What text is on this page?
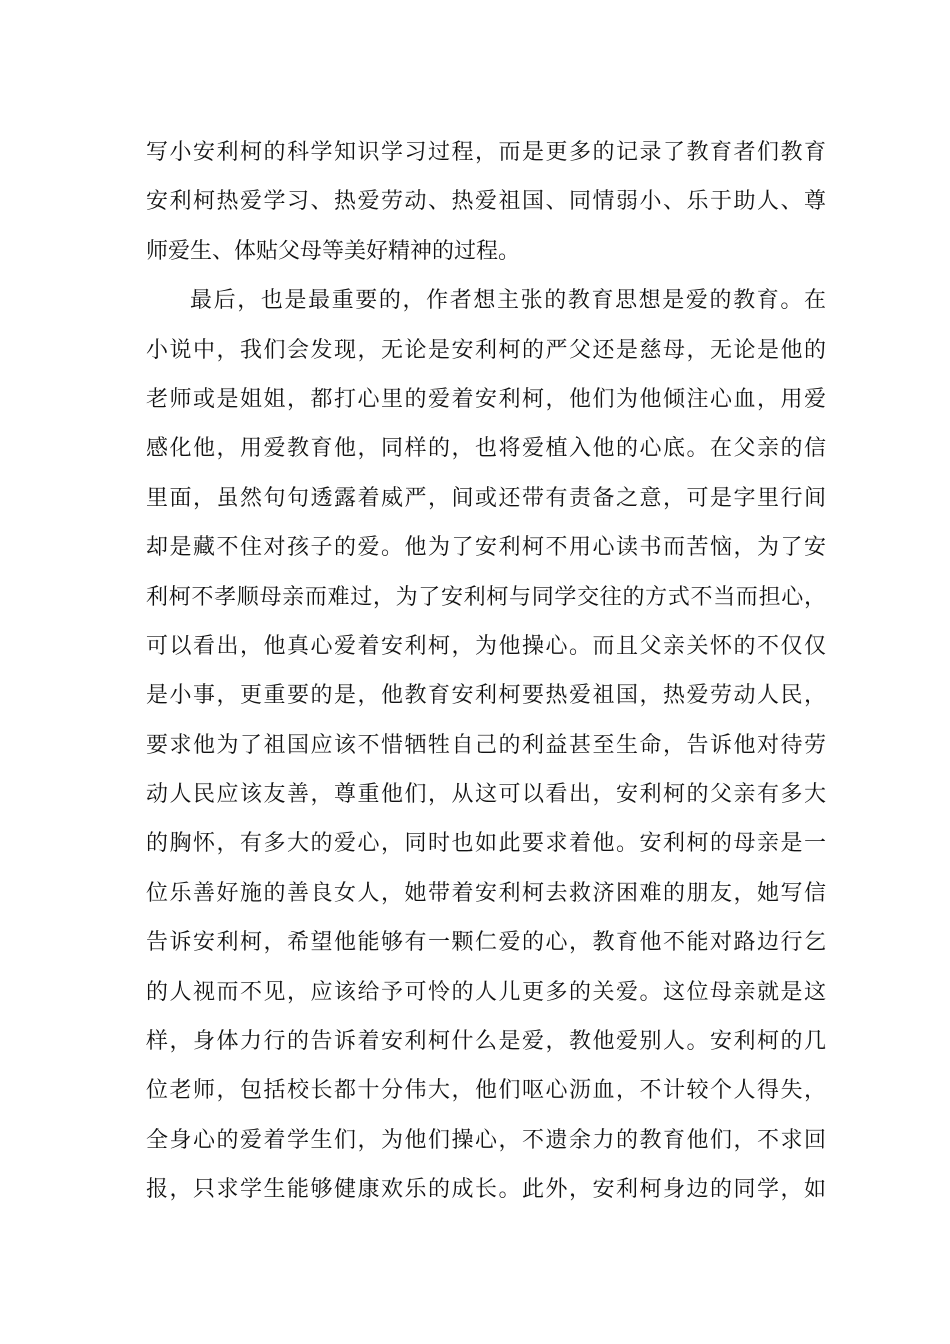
写小安利柯的科学知识学习过程，而是更多的记录了教育者们教育
安利柯热爱学习、热爱劳动、热爱祖国、同情弱小、乐于助人、尊
师爱生、体贴父母等美好精神的过程。
最后，也是最重要的，作者想主张的教育思想是爱的教育。在
小说中，我们会发现，无论是安利柯的严父还是慈母，无论是他的
老师或是姐姐，都打心里的爱着安利柯，他们为他倾注心血，用爱
感化他，用爱教育他，同样的，也将爱植入他的心底。在父亲的信
里面，虽然句句透露着威严，间或还带有责备之意，可是字里行间
却是藏不住对孩子的爱。他为了安利柯不用心读书而苦恼，为了安
利柯不孝顺母亲而难过，为了安利柯与同学交往的方式不当而担心，
可以看出，他真心爱着安利柯，为他操心。而且父亲关怀的不仅仅
是小事，更重要的是，他教育安利柯要热爱祖国，热爱劳动人民，
要求他为了祖国应该不惜牺牲自己的利益甚至生命，告诉他对待劳
动人民应该友善，尊重他们，从这可以看出，安利柯的父亲有多大
的胸怀，有多大的爱心，同时也如此要求着他。安利柯的母亲是一
位乐善好施的善良女人，她带着安利柯去救济困难的朋友，她写信
告诉安利柯，希望他能够有一颗仁爱的心，教育他不能对路边行乞
的人视而不见，应该给予可怜的人儿更多的关爱。这位母亲就是这
样，身体力行的告诉着安利柯什么是爱，教他爱别人。安利柯的几
位老师，包括校长都十分伟大，他们呕心沥血，不计较个人得失，
全身心的爱着学生们，为他们操心，不遗余力的教育他们，不求回
报，只求学生能够健康欢乐的成长。此外，安利柯身边的同学，如
